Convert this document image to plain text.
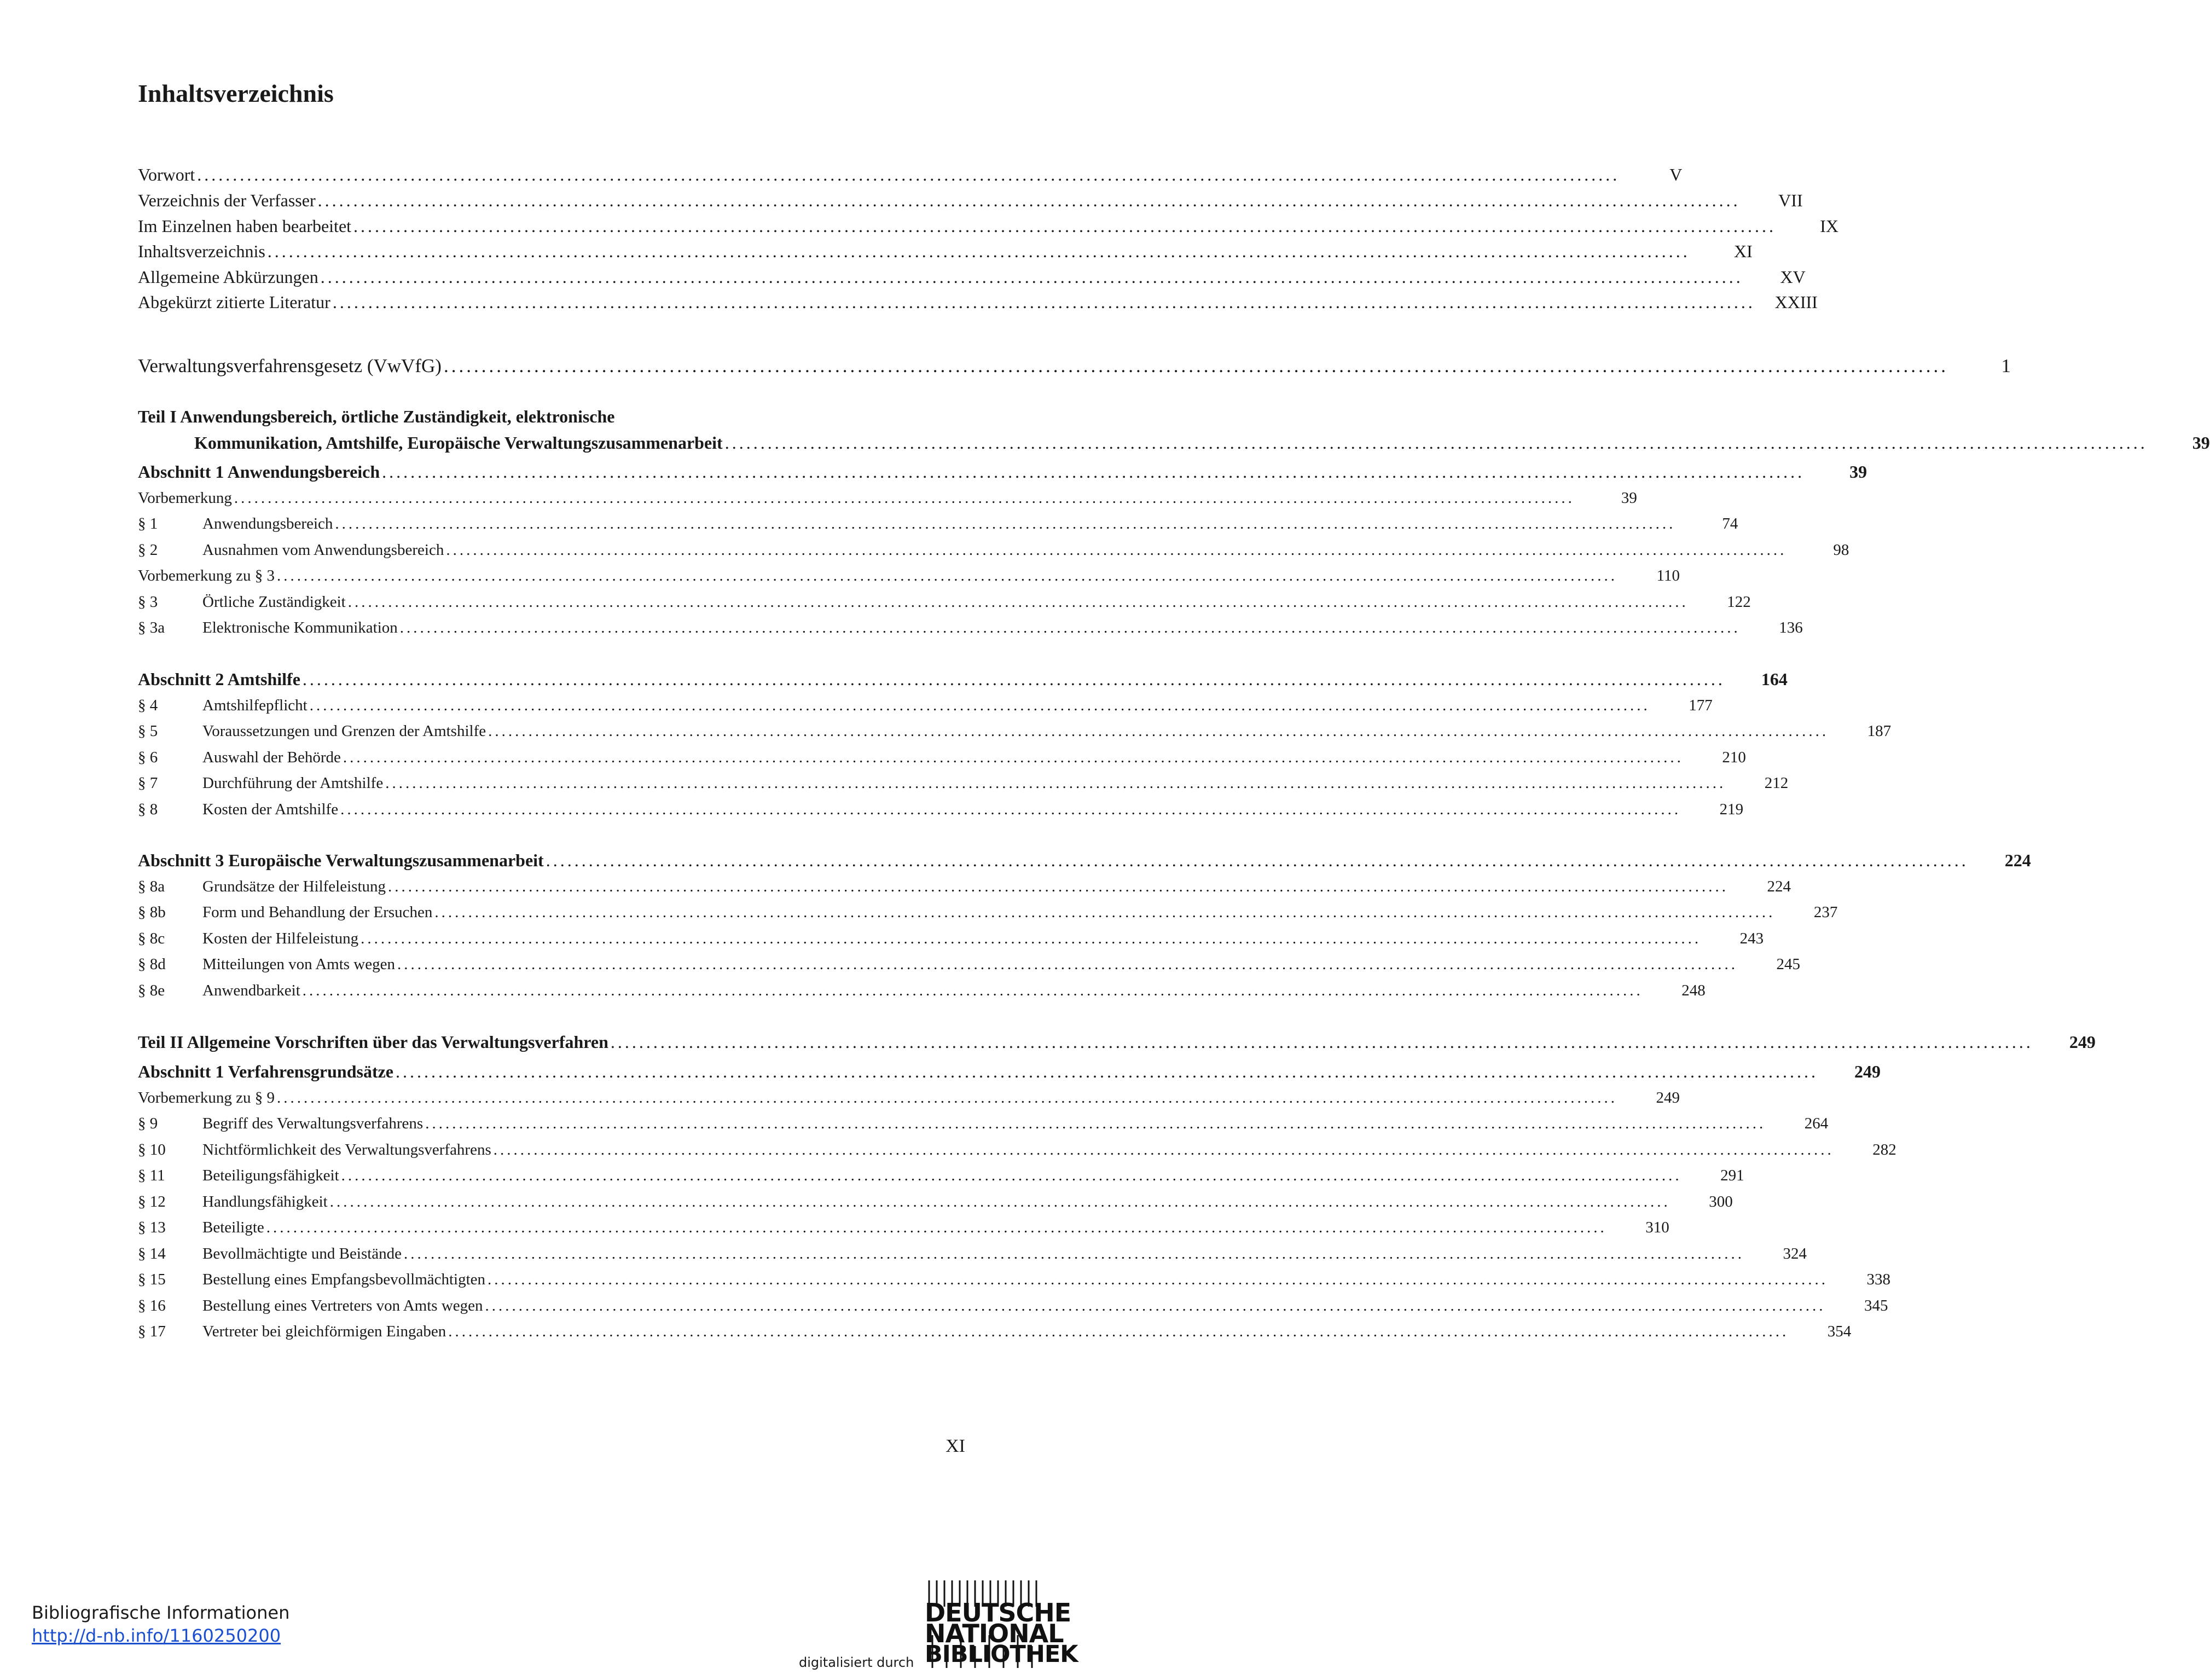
Inhaltsverzeichnis
Vorwort ........................................................................................................................................................................................................	V
Verzeichnis der Verfasser ........................................................................................................................................................................................................	VII
Im Einzelnen haben bearbeitet ........................................................................................................................................................................................................	IX
Inhaltsverzeichnis ........................................................................................................................................................................................................	XI
Allgemeine Abkürzungen ........................................................................................................................................................................................................	XV
Abgekürzt zitierte Literatur ........................................................................................................................................................................................................	XXIII
Verwaltungsverfahrensgesetz (VwVfG) ........................................................................................................................................................................................................	1
Teil I Anwendungsbereich, örtliche Zuständigkeit, elektronische
Kommunikation, Amtshilfe, Europäische Verwaltungszusammenarbeit ........................................................................................................................................................................................................	39
Abschnitt 1 Anwendungsbereich ........................................................................................................................................................................................................	39
Vorbemerkung ........................................................................................................................................................................................................	39
§ 1	Anwendungsbereich ........................................................................................................................................................................................................	74
§ 2	Ausnahmen vom Anwendungsbereich ........................................................................................................................................................................................................	98
Vorbemerkung zu § 3 ........................................................................................................................................................................................................	110
§ 3	Örtliche Zuständigkeit ........................................................................................................................................................................................................	122
§ 3a	Elektronische Kommunikation ........................................................................................................................................................................................................	136
Abschnitt 2 Amtshilfe ........................................................................................................................................................................................................	164
§ 4	Amtshilfepflicht ........................................................................................................................................................................................................	177
§ 5	Voraussetzungen und Grenzen der Amtshilfe ........................................................................................................................................................................................................	187
§ 6	Auswahl der Behörde ........................................................................................................................................................................................................	210
§ 7	Durchführung der Amtshilfe ........................................................................................................................................................................................................	212
§ 8	Kosten der Amtshilfe ........................................................................................................................................................................................................	219
Abschnitt 3 Europäische Verwaltungszusammenarbeit ........................................................................................................................................................................................................	224
§ 8a	Grundsätze der Hilfeleistung ........................................................................................................................................................................................................	224
§ 8b	Form und Behandlung der Ersuchen ........................................................................................................................................................................................................	237
§ 8c	Kosten der Hilfeleistung ........................................................................................................................................................................................................	243
§ 8d	Mitteilungen von Amts wegen ........................................................................................................................................................................................................	245
§ 8e	Anwendbarkeit ........................................................................................................................................................................................................	248
Teil II Allgemeine Vorschriften über das Verwaltungsverfahren ........................................................................................................................................................................................................	249
Abschnitt 1 Verfahrensgrundsätze ........................................................................................................................................................................................................	249
Vorbemerkung zu § 9 ........................................................................................................................................................................................................	249
§ 9	Begriff des Verwaltungsverfahrens ........................................................................................................................................................................................................	264
§ 10	Nichtförmlichkeit des Verwaltungsverfahrens ........................................................................................................................................................................................................	282
§ 11	Beteiligungsfähigkeit ........................................................................................................................................................................................................	291
§ 12	Handlungsfähigkeit ........................................................................................................................................................................................................	300
§ 13	Beteiligte ........................................................................................................................................................................................................	310
§ 14	Bevollmächtigte und Beistände ........................................................................................................................................................................................................	324
§ 15	Bestellung eines Empfangsbevollmächtigten ........................................................................................................................................................................................................	338
§ 16	Bestellung eines Vertreters von Amts wegen ........................................................................................................................................................................................................	345
§ 17	Vertreter bei gleichförmigen Eingaben ........................................................................................................................................................................................................	354
XI
Bibliografische Informationen
http://d-nb.info/1160250200
digitalisiert durch
DEUTSCHE
NATIONAL
BIBLIOTHEK
